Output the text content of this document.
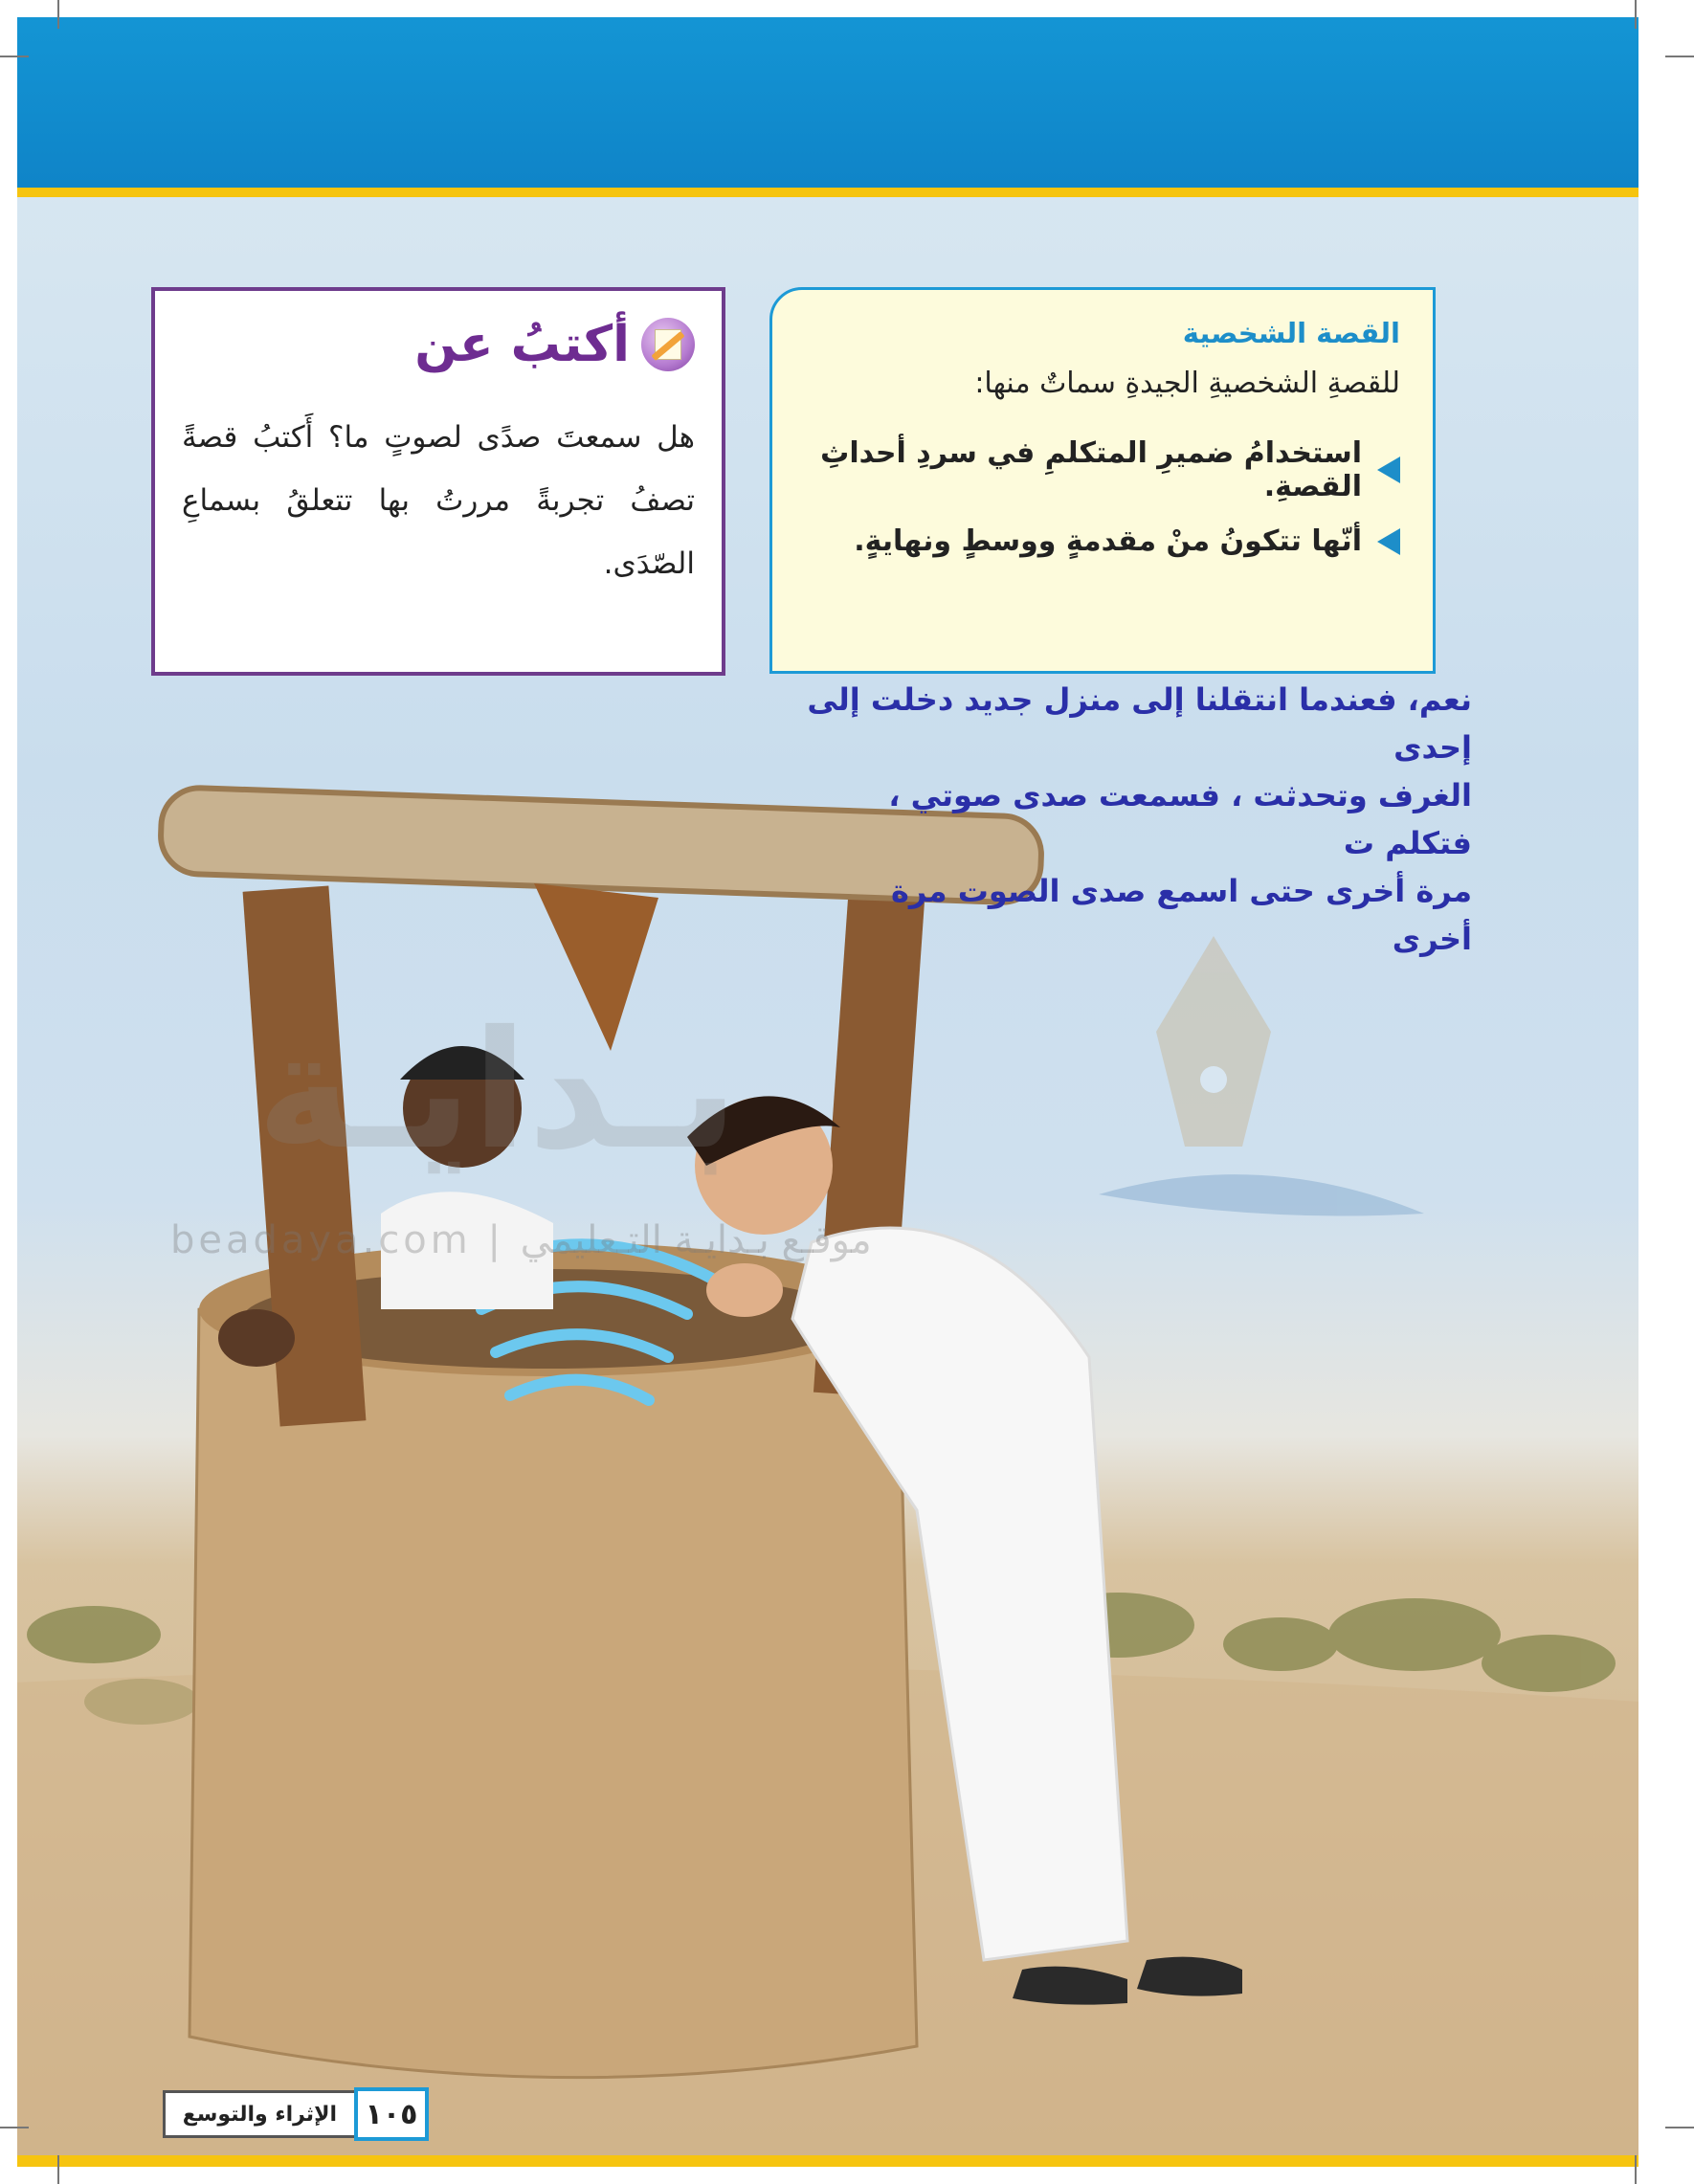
بـدايـة
beadaya.com | موقـع بـدايـة التـعليمي
القصة الشخصية
للقصةِ الشخصيةِ الجيدةِ سماتٌ منها:
استخدامُ ضميرِ المتكلمِ في سردِ أحداثِ القصةِ.
أنّها تتكونُ منْ مقدمةٍ ووسطٍ ونهايةٍ.
أكتبُ عن
هل سمعتَ صدًى لصوتٍ ما؟ أَكتبُ قصةً تصفُ تجربةً مررتُ بها تتعلقُ بسماعِ الصّدَى.
نعم، فعندما انتقلنا إلى منزل جديد دخلت إلى إحدى
الغرف وتحدثت ، فسمعت صدى صوتي ، فتكلم ت
مرة أخرى حتى اسمع صدى الصوت مرة أخرى
١٠٥
الإثراء والتوسع
